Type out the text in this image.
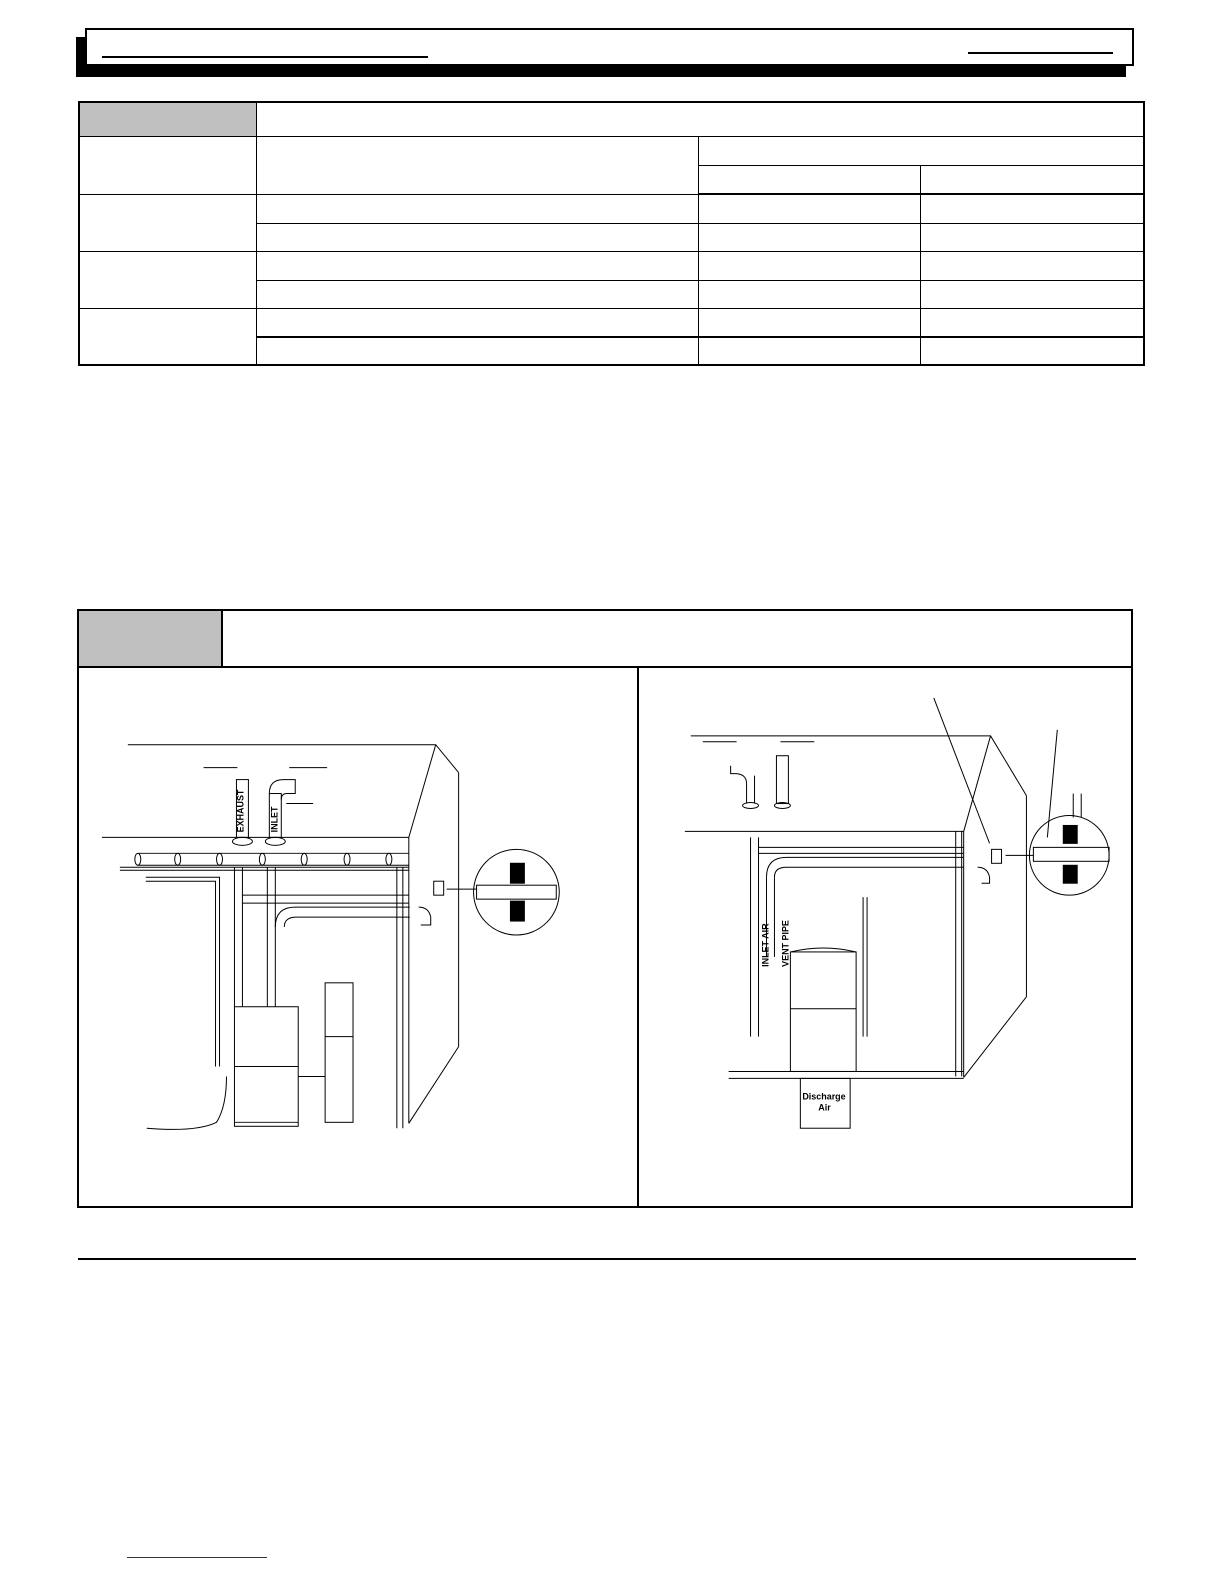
EXHAUST	INLET
INLET AIR VENT PIPE
Discharge
Air
